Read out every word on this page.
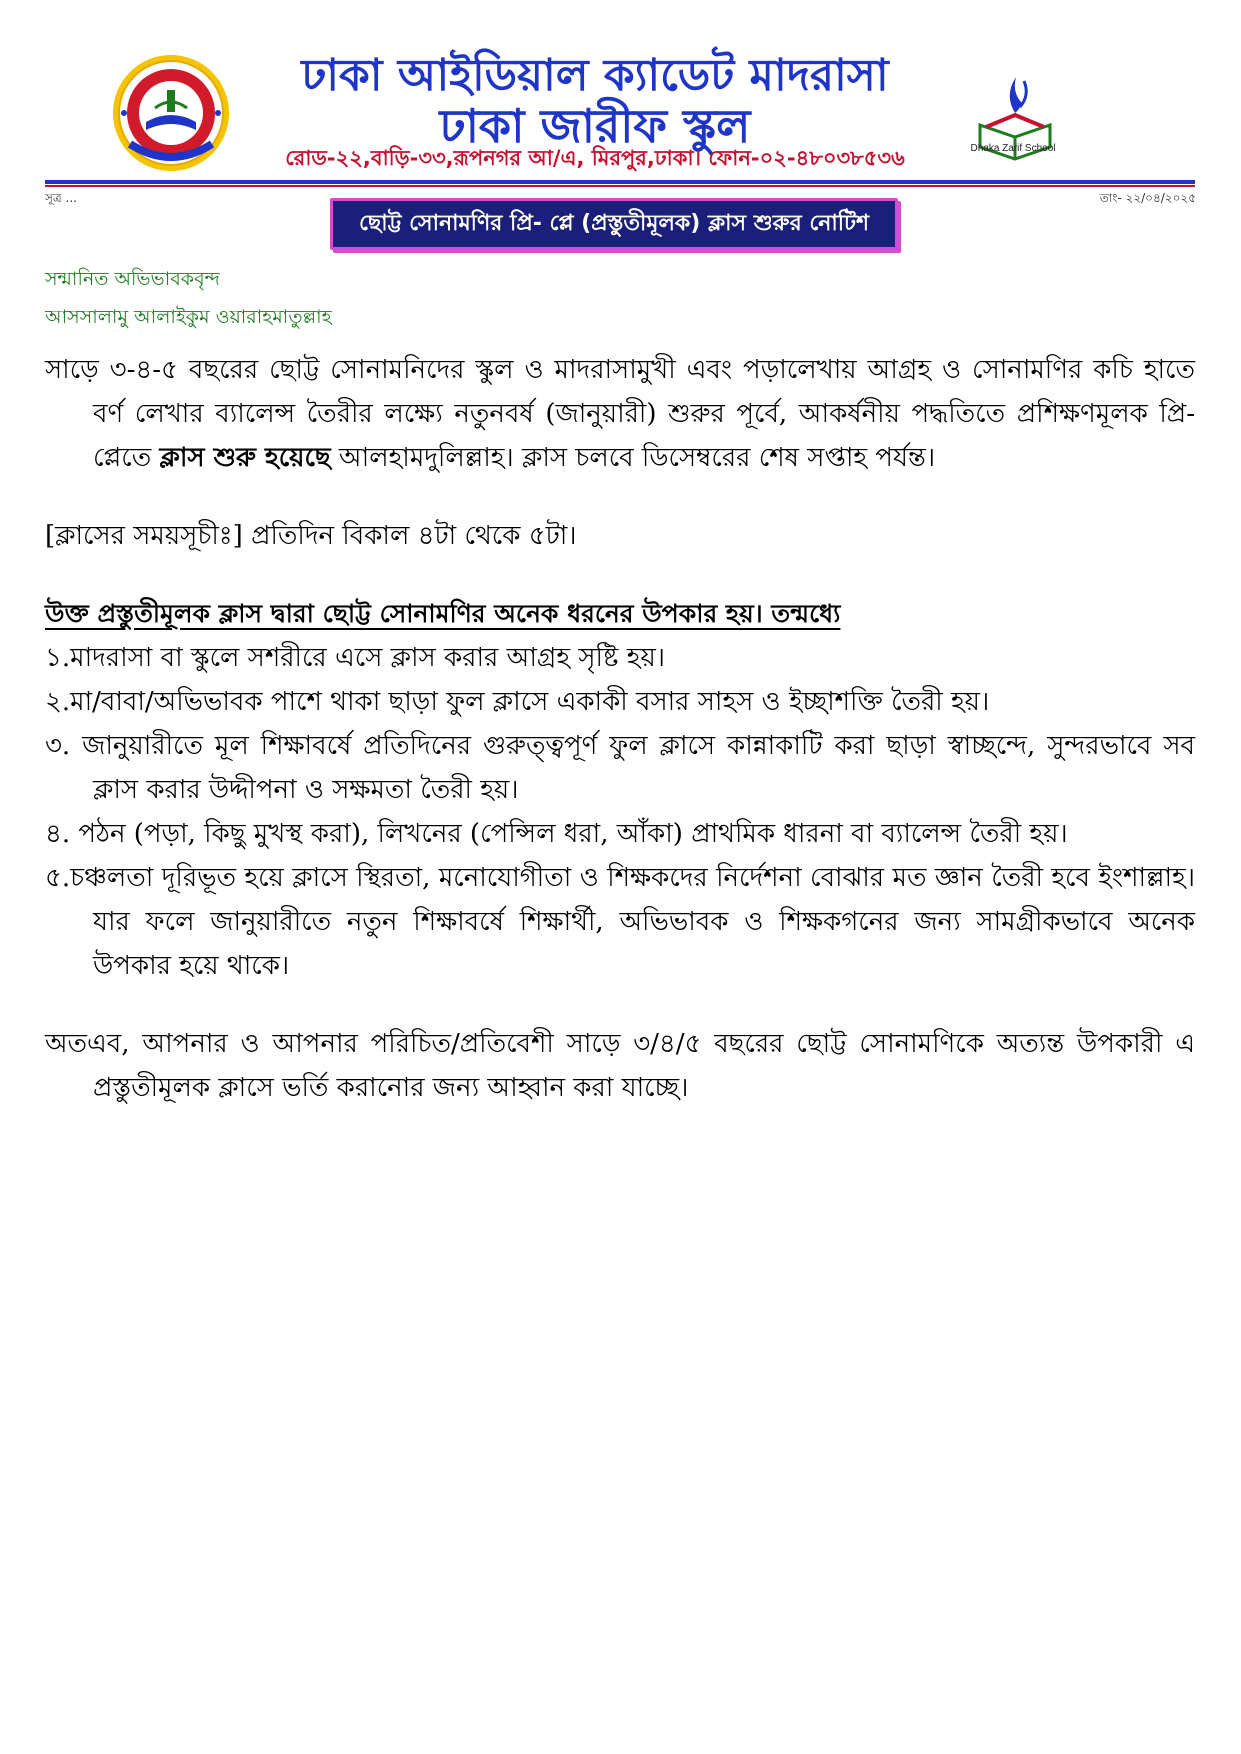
ঢাকা আইডিয়াল ক্যাডেট মাদরাসা
ঢাকা জারীফ স্কুল
রোড-২২,বাড়ি-৩৩,রূপনগর আ/এ, মিরপুর,ঢাকা। ফোন-০২-৪৮০৩৮৫৩৬	Dhaka Zarif School
সূত্র ...	তাং- ২২/০৪/২০২৫
ছোট্ট সোনামণির প্রি- প্লে (প্রস্তুতীমূলক) ক্লাস শুরুর নোটিশ
সন্মানিত অভিভাবকবৃন্দ
আসসালামু আলাইকুম ওয়ারাহমাতুল্লাহ

সাড়ে ৩-৪-৫ বছরের ছোট্ট সোনামনিদের স্কুল ও মাদরাসামুখী এবং পড়ালেখায় আগ্রহ ও সোনামণির কচি হাতে বর্ণ লেখার ব্যালেন্স তৈরীর লক্ষ্যে নতুনবর্ষ (জানুয়ারী) শুরুর পূর্বে, আকর্ষনীয় পদ্ধতিতে প্রশিক্ষণমূলক প্রি-প্লেতে ক্লাস শুরু হয়েছে আলহামদুলিল্লাহ। ক্লাস চলবে ডিসেম্বরের শেষ সপ্তাহ পর্যন্ত।

[ক্লাসের সময়সূচীঃ] প্রতিদিন বিকাল ৪টা থেকে ৫টা।

উক্ত প্রস্তুতীমূলক ক্লাস দ্বারা ছোট্ট সোনামণির অনেক ধরনের উপকার হয়। তন্মধ্যে

১.মাদরাসা বা স্কুলে সশরীরে এসে ক্লাস করার আগ্রহ সৃষ্টি হয়।
২.মা/বাবা/অভিভাবক পাশে থাকা ছাড়া ফুল ক্লাসে একাকী বসার সাহস ও ইচ্ছাশক্তি তৈরী হয়।
৩. জানুয়ারীতে মূল শিক্ষাবর্ষে প্রতিদিনের গুরুত্ত্বপূর্ণ ফুল ক্লাসে কান্নাকাটি করা ছাড়া স্বাচ্ছন্দে, সুন্দরভাবে সব ক্লাস করার উদ্দীপনা ও সক্ষমতা তৈরী হয়।
৪. পঠন (পড়া, কিছু মুখস্থ করা), লিখনের (পেন্সিল ধরা, আঁকা) প্রাথমিক ধারনা বা ব্যালেন্স তৈরী হয়।
৫.চঞ্চলতা দূরিভূত হয়ে ক্লাসে স্থিরতা, মনোযোগীতা ও শিক্ষকদের নির্দেশনা বোঝার মত জ্ঞান তৈরী হবে ইংশাল্লাহ। যার ফলে জানুয়ারীতে নতুন শিক্ষাবর্ষে শিক্ষার্থী, অভিভাবক ও শিক্ষকগনের জন্য সামগ্রীকভাবে অনেক উপকার হয়ে থাকে।

অতএব, আপনার ও আপনার পরিচিত/প্রতিবেশী সাড়ে ৩/৪/৫ বছরের ছোট্ট সোনামণিকে অত্যন্ত উপকারী এ প্রস্তুতীমূলক ক্লাসে ভর্তি করানোর জন্য আহ্বান করা যাচ্ছে।
